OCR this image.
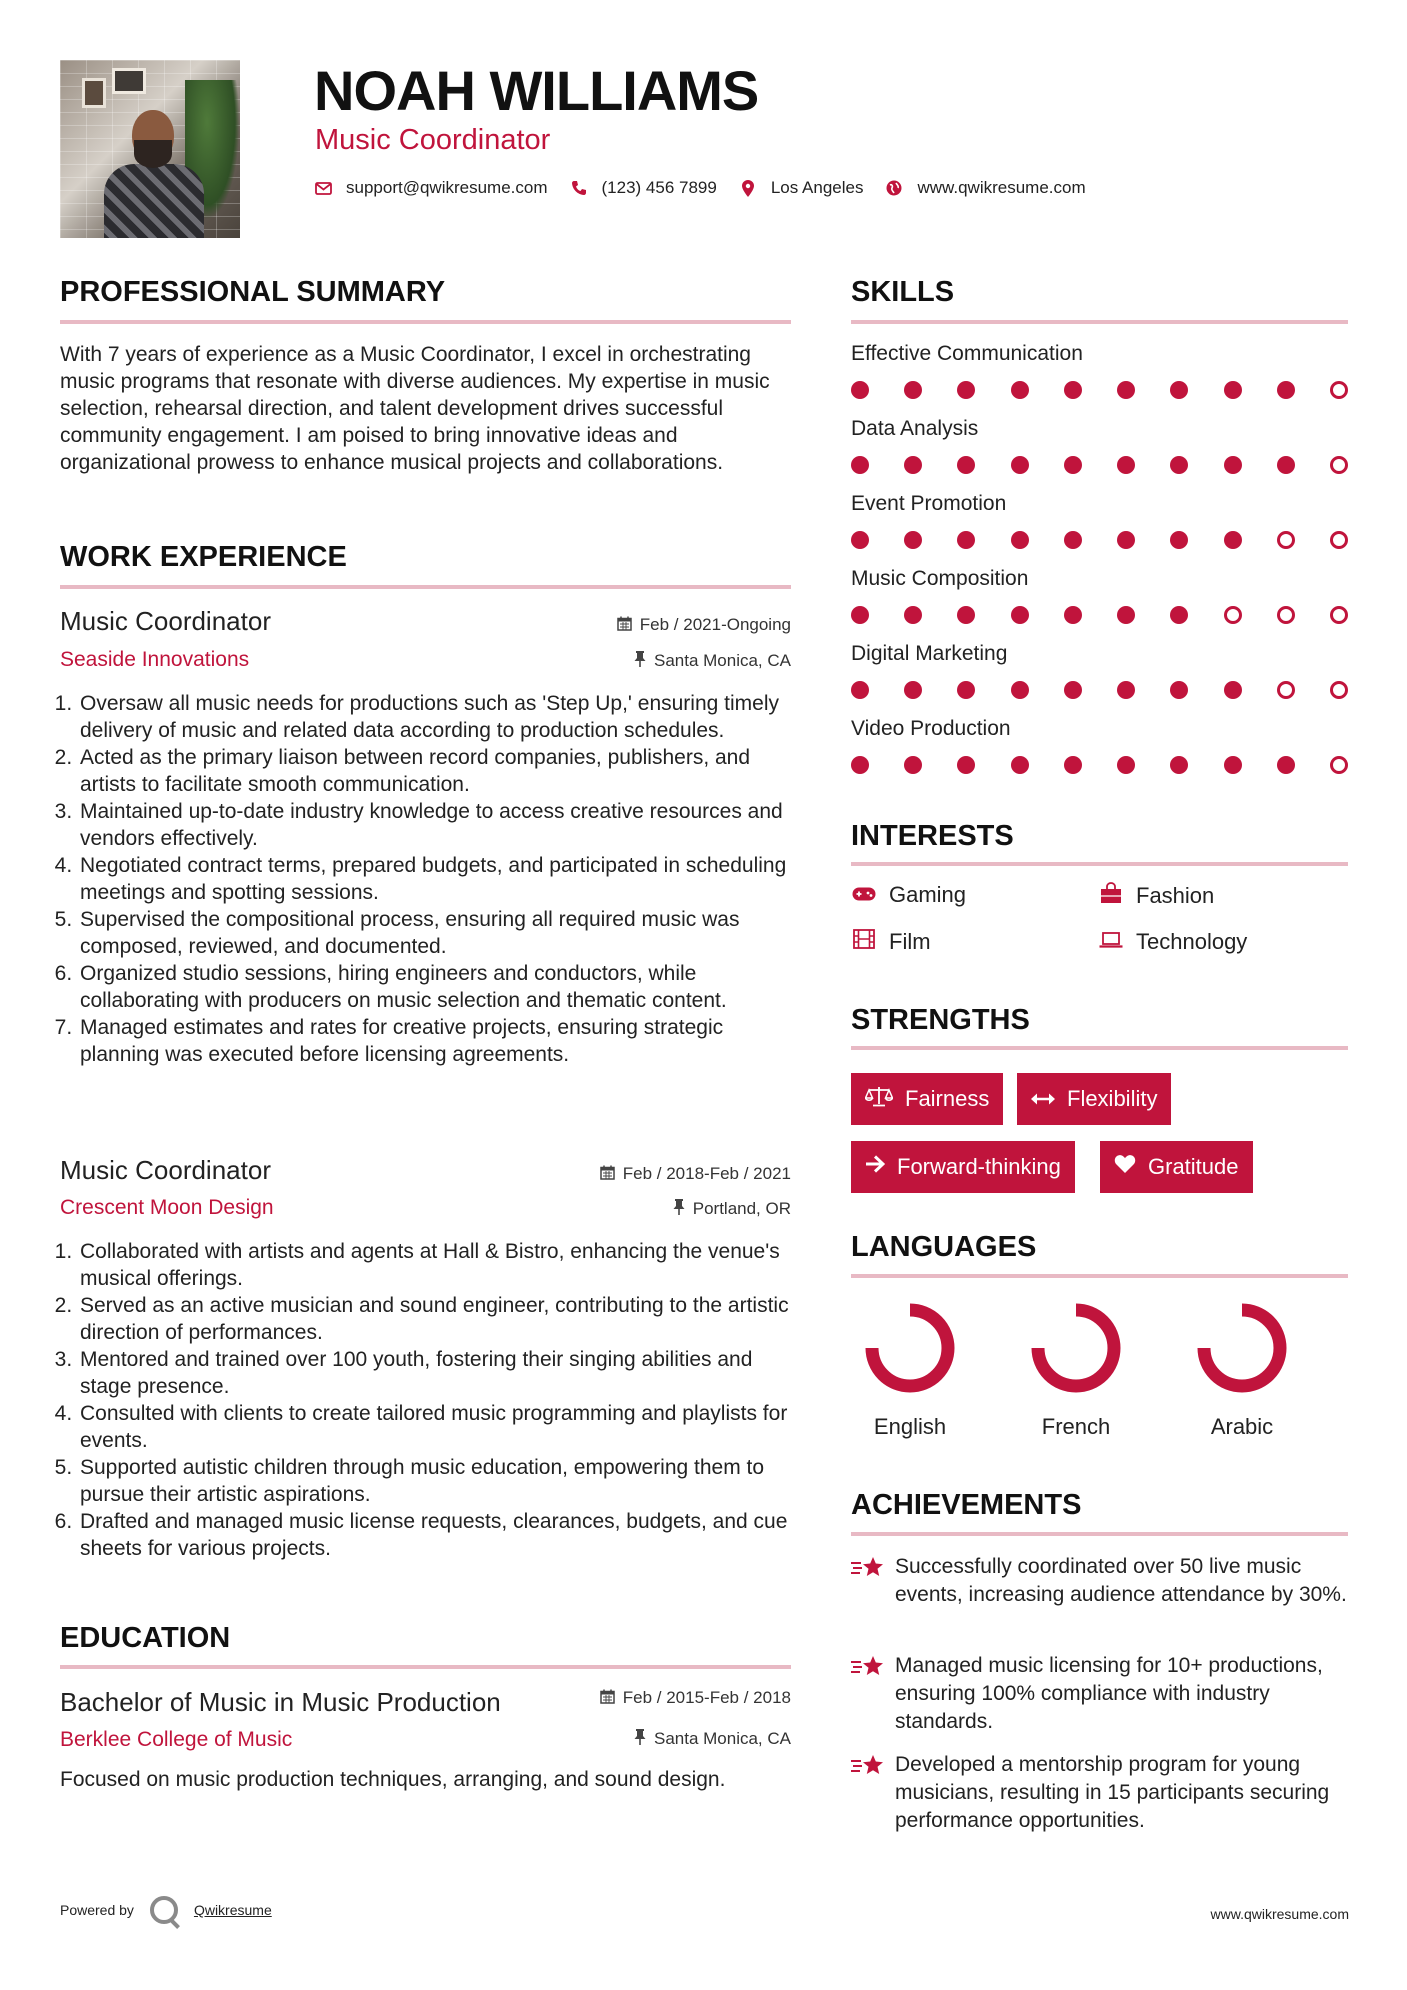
NOAH WILLIAMS
Music Coordinator
support@qwikresume.com	(123) 456 7899	Los Angeles	www.qwikresume.com
PROFESSIONAL SUMMARY
With 7 years of experience as a Music Coordinator, I excel in orchestrating music programs that resonate with diverse audiences. My expertise in music selection, rehearsal direction, and talent development drives successful community engagement. I am poised to bring innovative ideas and organizational prowess to enhance musical projects and collaborations.
WORK EXPERIENCE
Music Coordinator	Feb / 2021-Ongoing
Seaside Innovations	Santa Monica, CA
1. Oversaw all music needs for productions such as 'Step Up,' ensuring timely delivery of music and related data according to production schedules.
2. Acted as the primary liaison between record companies, publishers, and artists to facilitate smooth communication.
3. Maintained up-to-date industry knowledge to access creative resources and vendors effectively.
4. Negotiated contract terms, prepared budgets, and participated in scheduling meetings and spotting sessions.
5. Supervised the compositional process, ensuring all required music was composed, reviewed, and documented.
6. Organized studio sessions, hiring engineers and conductors, while collaborating with producers on music selection and thematic content.
7. Managed estimates and rates for creative projects, ensuring strategic planning was executed before licensing agreements.
Music Coordinator	Feb / 2018-Feb / 2021
Crescent Moon Design	Portland, OR
1. Collaborated with artists and agents at Hall & Bistro, enhancing the venue's musical offerings.
2. Served as an active musician and sound engineer, contributing to the artistic direction of performances.
3. Mentored and trained over 100 youth, fostering their singing abilities and stage presence.
4. Consulted with clients to create tailored music programming and playlists for events.
5. Supported autistic children through music education, empowering them to pursue their artistic aspirations.
6. Drafted and managed music license requests, clearances, budgets, and cue sheets for various projects.
EDUCATION
Bachelor of Music in Music Production	Feb / 2015-Feb / 2018
Berklee College of Music	Santa Monica, CA
Focused on music production techniques, arranging, and sound design.
SKILLS
Effective Communication
Data Analysis
Event Promotion
Music Composition
Digital Marketing
Video Production
INTERESTS
Gaming	Fashion
Film	Technology
STRENGTHS
Fairness	Flexibility
Forward-thinking	Gratitude
LANGUAGES
English	French	Arabic
ACHIEVEMENTS
Successfully coordinated over 50 live music events, increasing audience attendance by 30%.
Managed music licensing for 10+ productions, ensuring 100% compliance with industry standards.
Developed a mentorship program for young musicians, resulting in 15 participants securing performance opportunities.
Powered by	Qwikresume	www.qwikresume.com
